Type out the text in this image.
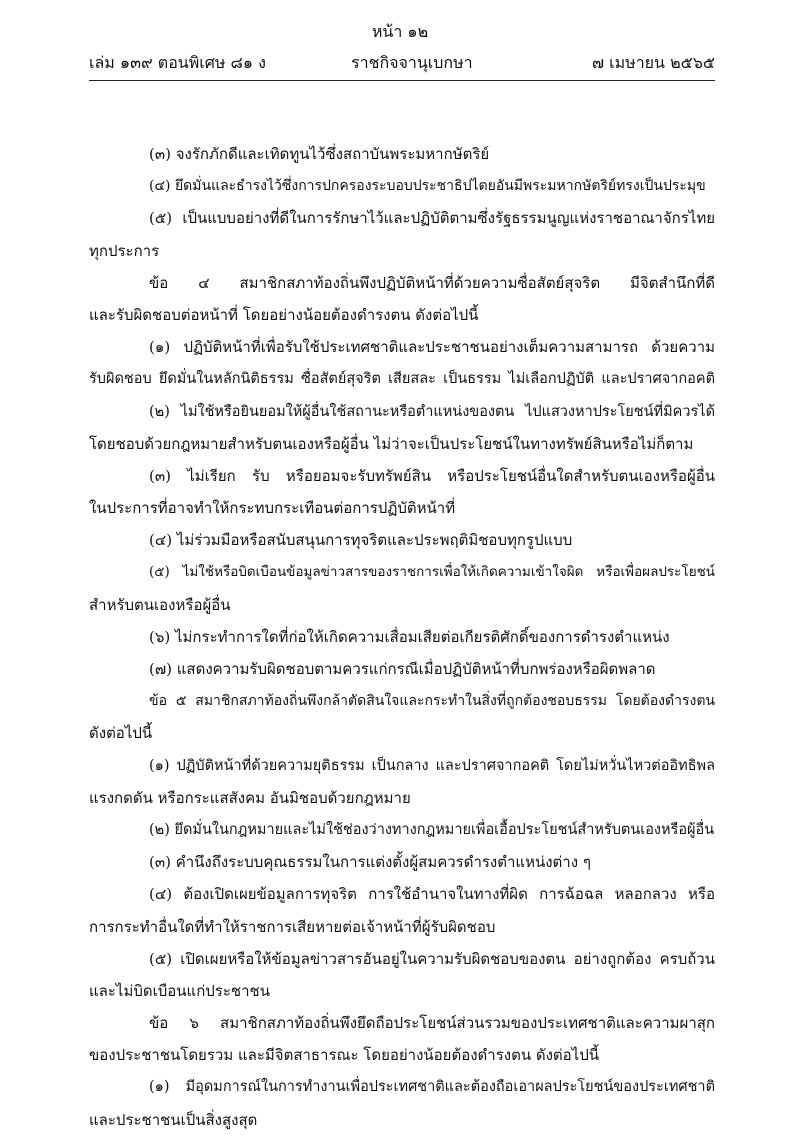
หน้า ๑๒
เล่ม ๑๓๙ ตอนพิเศษ ๘๑ ง	ราชกิจจานุเบกษา	๗ เมษายน ๒๕๖๕
(๓) จงรักภักดีและเทิดทูนไว้ซึ่งสถาบันพระมหากษัตริย์
(๔) ยึดมั่นและธำรงไว้ซึ่งการปกครองระบอบประชาธิปไตยอันมีพระมหากษัตริย์ทรงเป็นประมุข
(๕) เป็นแบบอย่างที่ดีในการรักษาไว้และปฏิบัติตามซึ่งรัฐธรรมนูญแห่งราชอาณาจักรไทย
ทุกประการ
ข้อ ๔ สมาชิกสภาท้องถิ่นพึงปฏิบัติหน้าที่ด้วยความซื่อสัตย์สุจริต มีจิตสำนึกที่ดี
และรับผิดชอบต่อหน้าที่ โดยอย่างน้อยต้องดำรงตน ดังต่อไปนี้
(๑) ปฏิบัติหน้าที่เพื่อรับใช้ประเทศชาติและประชาชนอย่างเต็มความสามารถ ด้วยความ
รับผิดชอบ ยึดมั่นในหลักนิติธรรม ซื่อสัตย์สุจริต เสียสละ เป็นธรรม ไม่เลือกปฏิบัติ และปราศจากอคติ
(๒) ไม่ใช้หรือยินยอมให้ผู้อื่นใช้สถานะหรือตำแหน่งของตน ไปแสวงหาประโยชน์ที่มิควรได้
โดยชอบด้วยกฎหมายสำหรับตนเองหรือผู้อื่น ไม่ว่าจะเป็นประโยชน์ในทางทรัพย์สินหรือไม่ก็ตาม
(๓) ไม่เรียก รับ หรือยอมจะรับทรัพย์สิน หรือประโยชน์อื่นใดสำหรับตนเองหรือผู้อื่น
ในประการที่อาจทำให้กระทบกระเทือนต่อการปฏิบัติหน้าที่
(๔) ไม่ร่วมมือหรือสนับสนุนการทุจริตและประพฤติมิชอบทุกรูปแบบ
(๕) ไม่ใช้หรือบิดเบือนข้อมูลข่าวสารของราชการเพื่อให้เกิดความเข้าใจผิด หรือเพื่อผลประโยชน์
สำหรับตนเองหรือผู้อื่น
(๖) ไม่กระทำการใดที่ก่อให้เกิดความเสื่อมเสียต่อเกียรติศักดิ์ของการดำรงตำแหน่ง
(๗) แสดงความรับผิดชอบตามควรแก่กรณีเมื่อปฏิบัติหน้าที่บกพร่องหรือผิดพลาด
ข้อ ๕ สมาชิกสภาท้องถิ่นพึงกล้าตัดสินใจและกระทำในสิ่งที่ถูกต้องชอบธรรม โดยต้องดำรงตน
ดังต่อไปนี้
(๑) ปฏิบัติหน้าที่ด้วยความยุติธรรม เป็นกลาง และปราศจากอคติ โดยไม่หวั่นไหวต่ออิทธิพล
แรงกดดัน หรือกระแสสังคม อันมิชอบด้วยกฎหมาย
(๒) ยึดมั่นในกฎหมายและไม่ใช้ช่องว่างทางกฎหมายเพื่อเอื้อประโยชน์สำหรับตนเองหรือผู้อื่น
(๓) คำนึงถึงระบบคุณธรรมในการแต่งตั้งผู้สมควรดำรงตำแหน่งต่าง ๆ
(๔) ต้องเปิดเผยข้อมูลการทุจริต การใช้อำนาจในทางที่ผิด การฉ้อฉล หลอกลวง หรือ
การกระทำอื่นใดที่ทำให้ราชการเสียหายต่อเจ้าหน้าที่ผู้รับผิดชอบ
(๕) เปิดเผยหรือให้ข้อมูลข่าวสารอันอยู่ในความรับผิดชอบของตน อย่างถูกต้อง ครบถ้วน
และไม่บิดเบือนแก่ประชาชน
ข้อ ๖ สมาชิกสภาท้องถิ่นพึงยึดถือประโยชน์ส่วนรวมของประเทศชาติและความผาสุก
ของประชาชนโดยรวม และมีจิตสาธารณะ โดยอย่างน้อยต้องดำรงตน ดังต่อไปนี้
(๑) มีอุดมการณ์ในการทำงานเพื่อประเทศชาติและต้องถือเอาผลประโยชน์ของประเทศชาติ
และประชาชนเป็นสิ่งสูงสุด
